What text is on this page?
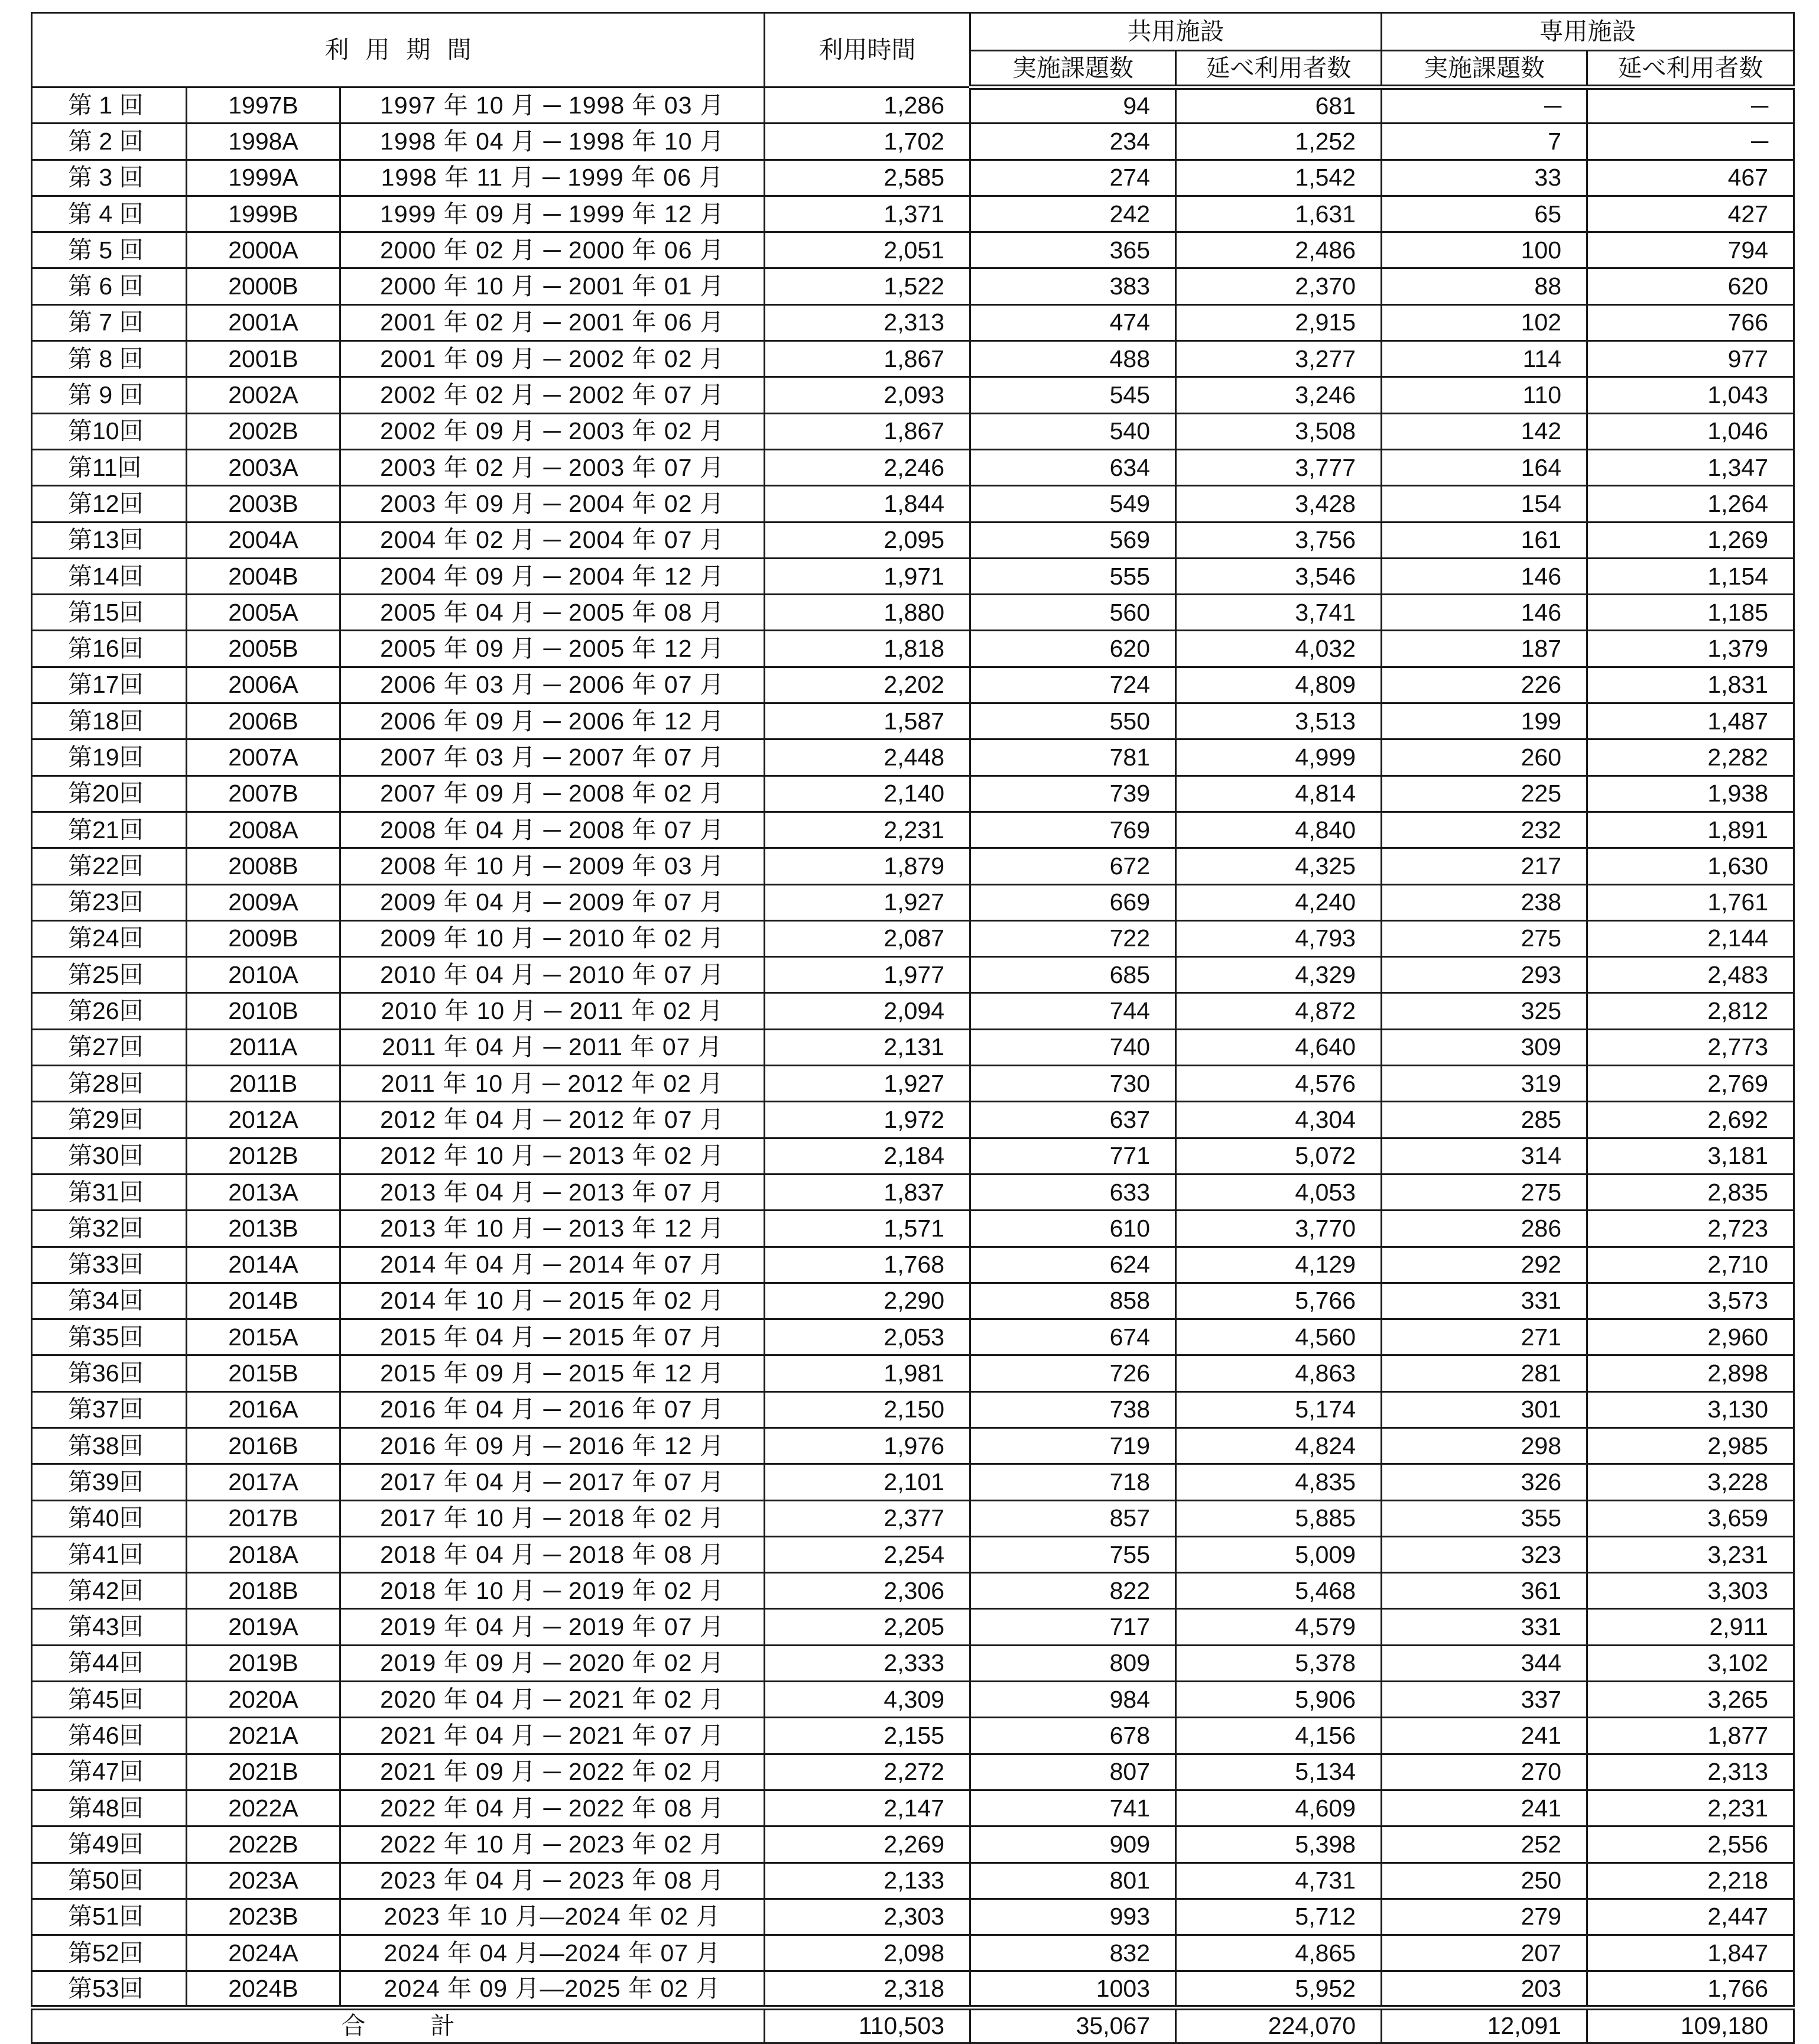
利用期間			利用時間	共用施設		専用施設	
				実施課題数	延べ利用者数	実施課題数	延べ利用者数
第 1 回	1997B	1997 年 10 月 ─ 1998 年 03 月	1,286	94	681	─	─
第 2 回	1998A	1998 年 04 月 ─ 1998 年 10 月	1,702	234	1,252	7	─
第 3 回	1999A	1998 年 11 月 ─ 1999 年 06 月	2,585	274	1,542	33	467
第 4 回	1999B	1999 年 09 月 ─ 1999 年 12 月	1,371	242	1,631	65	427
第 5 回	2000A	2000 年 02 月 ─ 2000 年 06 月	2,051	365	2,486	100	794
第 6 回	2000B	2000 年 10 月 ─ 2001 年 01 月	1,522	383	2,370	88	620
第 7 回	2001A	2001 年 02 月 ─ 2001 年 06 月	2,313	474	2,915	102	766
第 8 回	2001B	2001 年 09 月 ─ 2002 年 02 月	1,867	488	3,277	114	977
第 9 回	2002A	2002 年 02 月 ─ 2002 年 07 月	2,093	545	3,246	110	1,043
第10回	2002B	2002 年 09 月 ─ 2003 年 02 月	1,867	540	3,508	142	1,046
第11回	2003A	2003 年 02 月 ─ 2003 年 07 月	2,246	634	3,777	164	1,347
第12回	2003B	2003 年 09 月 ─ 2004 年 02 月	1,844	549	3,428	154	1,264
第13回	2004A	2004 年 02 月 ─ 2004 年 07 月	2,095	569	3,756	161	1,269
第14回	2004B	2004 年 09 月 ─ 2004 年 12 月	1,971	555	3,546	146	1,154
第15回	2005A	2005 年 04 月 ─ 2005 年 08 月	1,880	560	3,741	146	1,185
第16回	2005B	2005 年 09 月 ─ 2005 年 12 月	1,818	620	4,032	187	1,379
第17回	2006A	2006 年 03 月 ─ 2006 年 07 月	2,202	724	4,809	226	1,831
第18回	2006B	2006 年 09 月 ─ 2006 年 12 月	1,587	550	3,513	199	1,487
第19回	2007A	2007 年 03 月 ─ 2007 年 07 月	2,448	781	4,999	260	2,282
第20回	2007B	2007 年 09 月 ─ 2008 年 02 月	2,140	739	4,814	225	1,938
第21回	2008A	2008 年 04 月 ─ 2008 年 07 月	2,231	769	4,840	232	1,891
第22回	2008B	2008 年 10 月 ─ 2009 年 03 月	1,879	672	4,325	217	1,630
第23回	2009A	2009 年 04 月 ─ 2009 年 07 月	1,927	669	4,240	238	1,761
第24回	2009B	2009 年 10 月 ─ 2010 年 02 月	2,087	722	4,793	275	2,144
第25回	2010A	2010 年 04 月 ─ 2010 年 07 月	1,977	685	4,329	293	2,483
第26回	2010B	2010 年 10 月 ─ 2011 年 02 月	2,094	744	4,872	325	2,812
第27回	2011A	2011 年 04 月 ─ 2011 年 07 月	2,131	740	4,640	309	2,773
第28回	2011B	2011 年 10 月 ─ 2012 年 02 月	1,927	730	4,576	319	2,769
第29回	2012A	2012 年 04 月 ─ 2012 年 07 月	1,972	637	4,304	285	2,692
第30回	2012B	2012 年 10 月 ─ 2013 年 02 月	2,184	771	5,072	314	3,181
第31回	2013A	2013 年 04 月 ─ 2013 年 07 月	1,837	633	4,053	275	2,835
第32回	2013B	2013 年 10 月 ─ 2013 年 12 月	1,571	610	3,770	286	2,723
第33回	2014A	2014 年 04 月 ─ 2014 年 07 月	1,768	624	4,129	292	2,710
第34回	2014B	2014 年 10 月 ─ 2015 年 02 月	2,290	858	5,766	331	3,573
第35回	2015A	2015 年 04 月 ─ 2015 年 07 月	2,053	674	4,560	271	2,960
第36回	2015B	2015 年 09 月 ─ 2015 年 12 月	1,981	726	4,863	281	2,898
第37回	2016A	2016 年 04 月 ─ 2016 年 07 月	2,150	738	5,174	301	3,130
第38回	2016B	2016 年 09 月 ─ 2016 年 12 月	1,976	719	4,824	298	2,985
第39回	2017A	2017 年 04 月 ─ 2017 年 07 月	2,101	718	4,835	326	3,228
第40回	2017B	2017 年 10 月 ─ 2018 年 02 月	2,377	857	5,885	355	3,659
第41回	2018A	2018 年 04 月 ─ 2018 年 08 月	2,254	755	5,009	323	3,231
第42回	2018B	2018 年 10 月 ─ 2019 年 02 月	2,306	822	5,468	361	3,303
第43回	2019A	2019 年 04 月 ─ 2019 年 07 月	2,205	717	4,579	331	2,911
第44回	2019B	2019 年 09 月 ─ 2020 年 02 月	2,333	809	5,378	344	3,102
第45回	2020A	2020 年 04 月 ─ 2021 年 02 月	4,309	984	5,906	337	3,265
第46回	2021A	2021 年 04 月 ─ 2021 年 07 月	2,155	678	4,156	241	1,877
第47回	2021B	2021 年 09 月 ─ 2022 年 02 月	2,272	807	5,134	270	2,313
第48回	2022A	2022 年 04 月 ─ 2022 年 08 月	2,147	741	4,609	241	2,231
第49回	2022B	2022 年 10 月 ─ 2023 年 02 月	2,269	909	5,398	252	2,556
第50回	2023A	2023 年 04 月 ─ 2023 年 08 月	2,133	801	4,731	250	2,218
第51回	2023B	2023 年 10 月―2024 年 02 月	2,303	993	5,712	279	2,447
第52回	2024A	2024 年 04 月―2024 年 07 月	2,098	832	4,865	207	1,847
第53回	2024B	2024 年 09 月―2025 年 02 月	2,318	1003	5,952	203	1,766
合計			110,503	35,067	224,070	12,091	109,180
